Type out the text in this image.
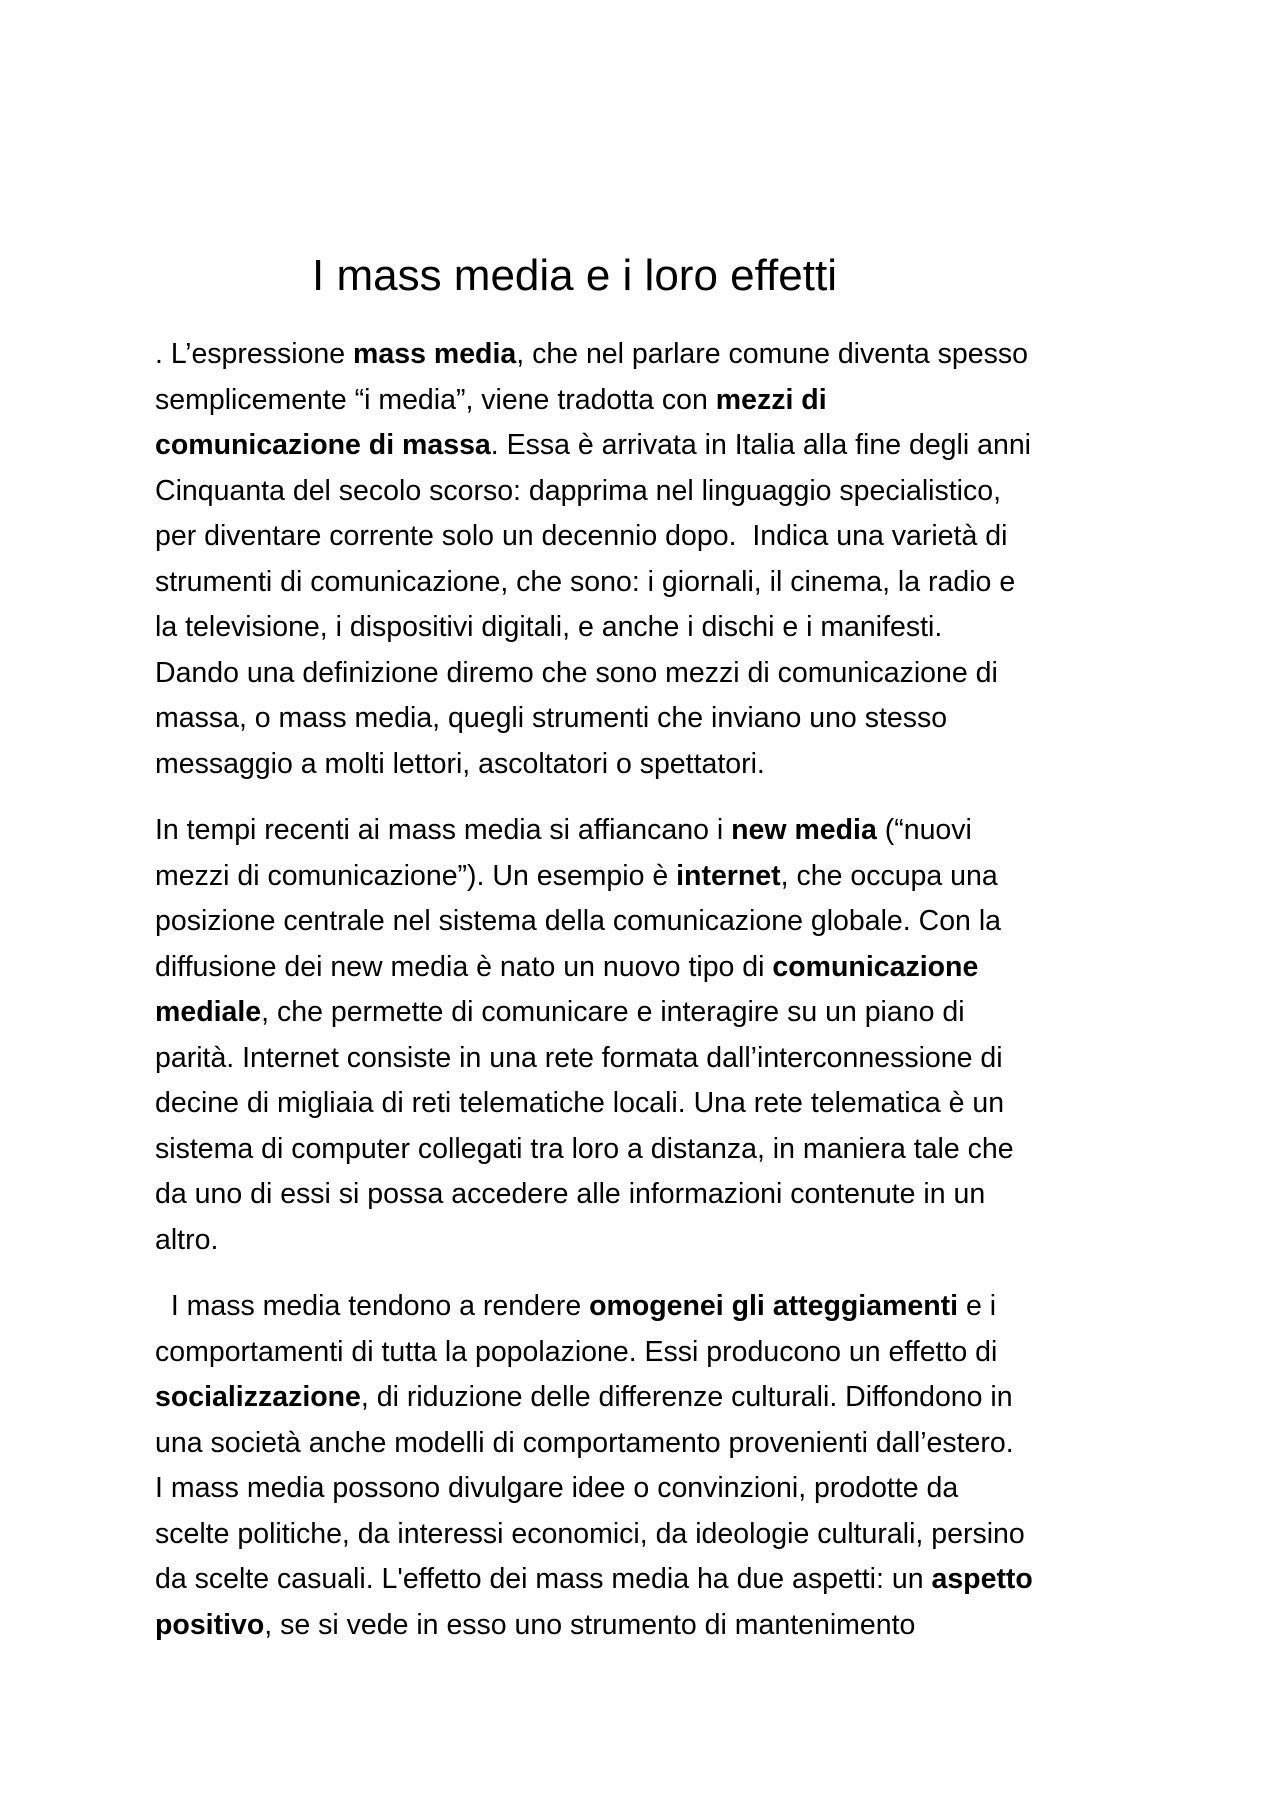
I mass media e i loro effetti
. L’espressione mass media, che nel parlare comune diventa spesso
semplicemente “i media”, viene tradotta con mezzi di
comunicazione di massa. Essa è arrivata in Italia alla fine degli anni
Cinquanta del secolo scorso: dapprima nel linguaggio specialistico,
per diventare corrente solo un decennio dopo.  Indica una varietà di
strumenti di comunicazione, che sono: i giornali, il cinema, la radio e
la televisione, i dispositivi digitali, e anche i dischi e i manifesti.
Dando una definizione diremo che sono mezzi di comunicazione di
massa, o mass media, quegli strumenti che inviano uno stesso
messaggio a molti lettori, ascoltatori o spettatori.
In tempi recenti ai mass media si affiancano i new media (“nuovi
mezzi di comunicazione”). Un esempio è internet, che occupa una
posizione centrale nel sistema della comunicazione globale. Con la
diffusione dei new media è nato un nuovo tipo di comunicazione
mediale, che permette di comunicare e interagire su un piano di
parità. Internet consiste in una rete formata dall’interconnessione di
decine di migliaia di reti telematiche locali. Una rete telematica è un
sistema di computer collegati tra loro a distanza, in maniera tale che
da uno di essi si possa accedere alle informazioni contenute in un
altro.
I mass media tendono a rendere omogenei gli atteggiamenti e i
comportamenti di tutta la popolazione. Essi producono un effetto di
socializzazione, di riduzione delle differenze culturali. Diffondono in
una società anche modelli di comportamento provenienti dall’estero.
I mass media possono divulgare idee o convinzioni, prodotte da
scelte politiche, da interessi economici, da ideologie culturali, persino
da scelte casuali. L'effetto dei mass media ha due aspetti: un aspetto
positivo, se si vede in esso uno strumento di mantenimento
